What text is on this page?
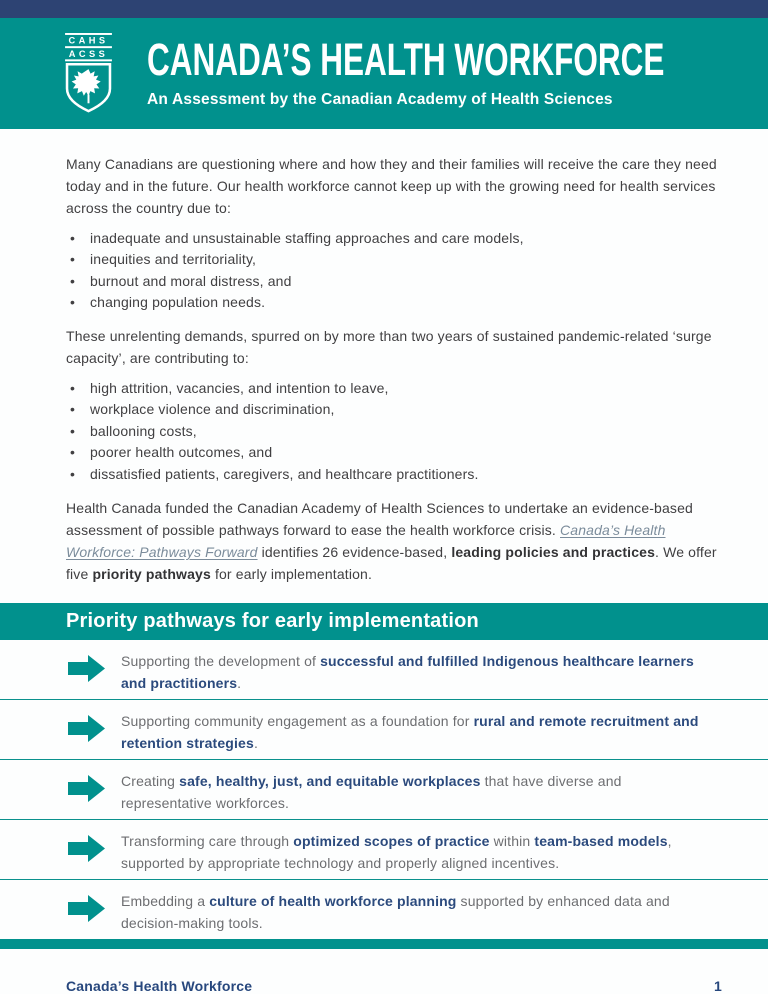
CAHS
ACSS CANADA’S HEALTH WORKFORCE

An Assessment by the Canadian Academy of Health Sciences

Many Canadians are questioning where and how they and their families will receive the care they need today and in the future. Our health workforce cannot keep up with the growing need for health services across the country due to:

• inadequate and unsustainable staffing approaches and care models,
• inequities and territoriality,
• burnout and moral distress, and
• changing population needs.

These unrelenting demands, spurred on by more than two years of sustained pandemic-related ‘surge capacity’, are contributing to:

• high attrition, vacancies, and intention to leave,
• workplace violence and discrimination,
• ballooning costs,
• poorer health outcomes, and
• dissatisfied patients, caregivers, and healthcare practitioners.

Health Canada funded the Canadian Academy of Health Sciences to undertake an evidence-based assessment of possible pathways forward to ease the health workforce crisis. Canada’s Health Workforce: Pathways Forward identifies 26 evidence-based, leading policies and practices. We offer five priority pathways for early implementation.

Priority pathways for early implementation

Supporting the development of successful and fulfilled Indigenous healthcare learners and practitioners.

Supporting community engagement as a foundation for rural and remote recruitment and retention strategies.

Creating safe, healthy, just, and equitable workplaces that have diverse and representative workforces.

Transforming care through optimized scopes of practice within team-based models, supported by appropriate technology and properly aligned incentives.

Embedding a culture of health workforce planning supported by enhanced data and decision-making tools.

Canada’s Health Workforce	1
